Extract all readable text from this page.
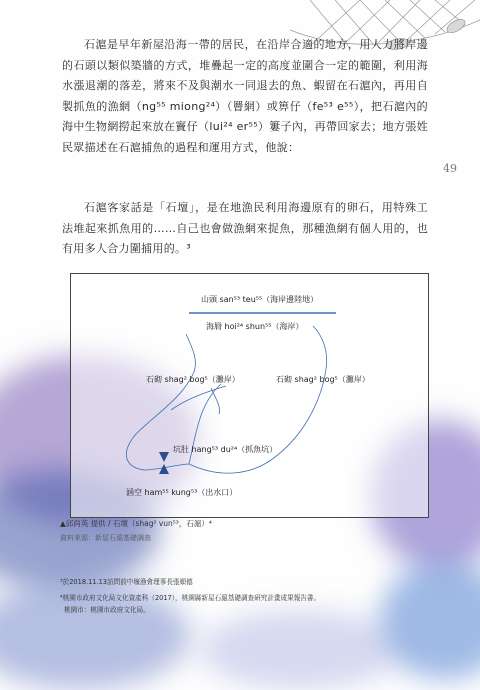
石滬是早年新屋沿海一帶的居民，在沿岸合適的地方，用人力將岸邊的石頭以類似築牆的方式，堆疊起一定的高度並圍合一定的範圍，利用海水漲退潮的落差，將來不及與潮水一同退去的魚、蝦留在石滬內，再用自製抓魚的漁網（ng⁵⁵ miong²⁴）（罾網）或箅仔（fe⁵³ e⁵⁵），把石滬內的海中生物網撈起來放在竇仔（lui²⁴ er⁵⁵）簍子內，再帶回家去；地方張姓民眾描述在石滬捕魚的過程和運用方式，他說：

石滬客家話是「石壇」，是在地漁民利用海邊原有的卵石，用特殊工法堆起來抓魚用的……自己也會做漁網來捉魚，那種漁網有個人用的，也有用多人合力圍捕用的。³

49
山頭 san⁵³ teu⁵⁵（海岸邊陸地）
海脣 hoi²⁴ shun⁵⁵（海岸）
石砌 shag² bog⁵（灘岸）	石砌 shag² bog⁵（灘岸）
坑肚 hang⁵³ du²⁴（抓魚坑）
涵空 ham⁵⁵ kung⁵³（出水口）
▲邱尚英 提供 / 石壇（shag² vun⁵³，石滬）⁴
資料來源：新屋石滬基礎調查
³於2018.11.13訪問前中堰漁會理事長張順德
⁴桃園市政府文化局文化資產科（2017），桃園縣新屋石滬基礎調查研究計畫成果報告書。
桃園市：桃園市政府文化局。
